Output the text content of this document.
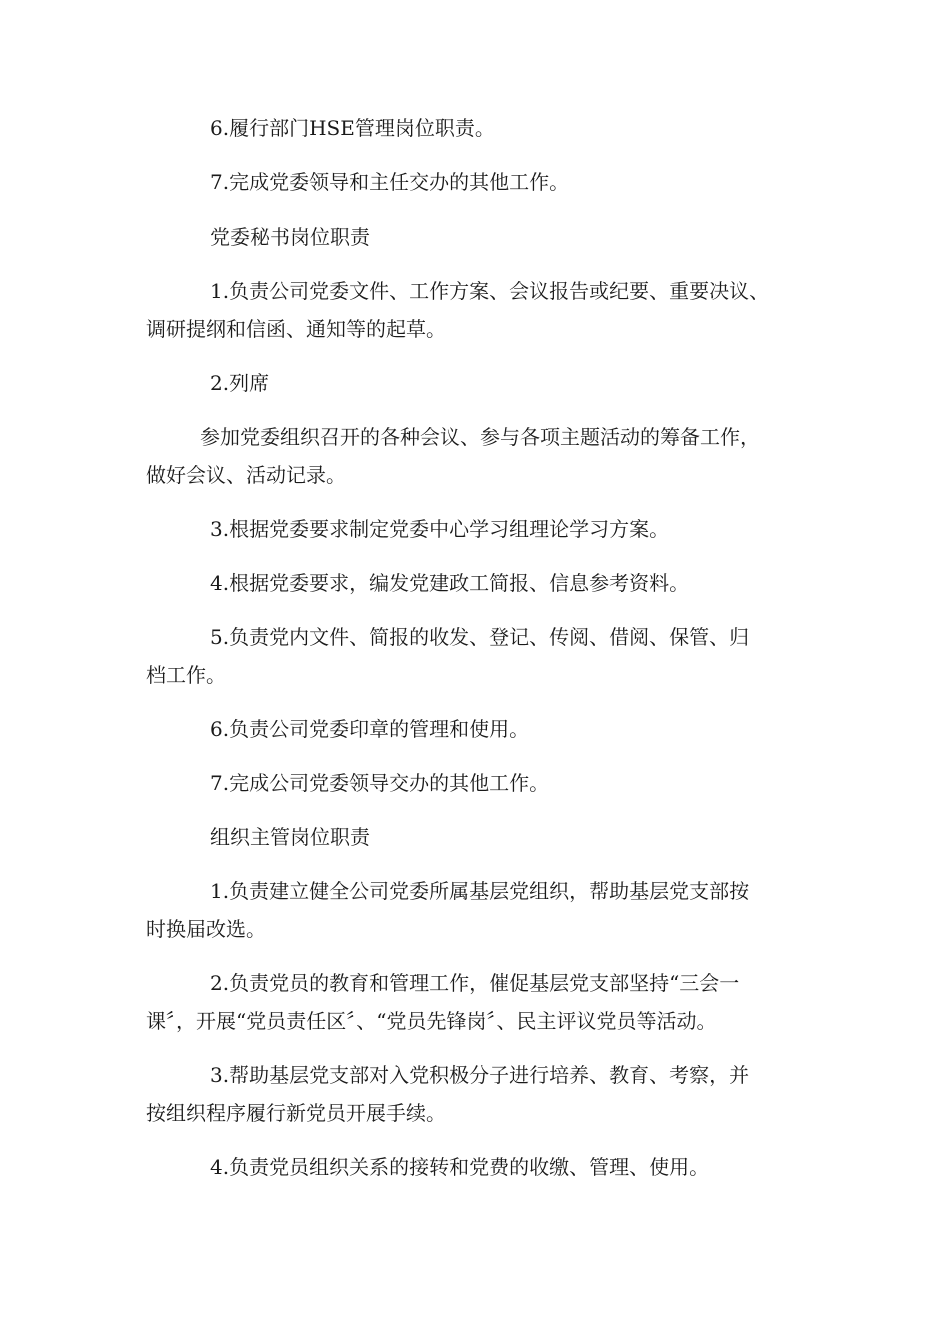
6.履行部门HSE管理岗位职责。
7.完成党委领导和主任交办的其他工作。
党委秘书岗位职责
1.负责公司党委文件、工作方案、会议报告或纪要、重要决议、
调研提纲和信函、通知等的起草。
2.列席
参加党委组织召开的各种会议、参与各项主题活动的筹备工作，
做好会议、活动记录。
3.根据党委要求制定党委中心学习组理论学习方案。
4.根据党委要求，编发党建政工简报、信息参考资料。
5.负责党内文件、简报的收发、登记、传阅、借阅、保管、归
档工作。
6.负责公司党委印章的管理和使用。
7.完成公司党委领导交办的其他工作。
组织主管岗位职责
1.负责建立健全公司党委所属基层党组织，帮助基层党支部按
时换届改选。
2.负责党员的教育和管理工作，催促基层党支部坚持“三会一
课〞，开展“党员责任区〞、“党员先锋岗〞、民主评议党员等活动。
3.帮助基层党支部对入党积极分子进行培养、教育、考察，并
按组织程序履行新党员开展手续。
4.负责党员组织关系的接转和党费的收缴、管理、使用。
